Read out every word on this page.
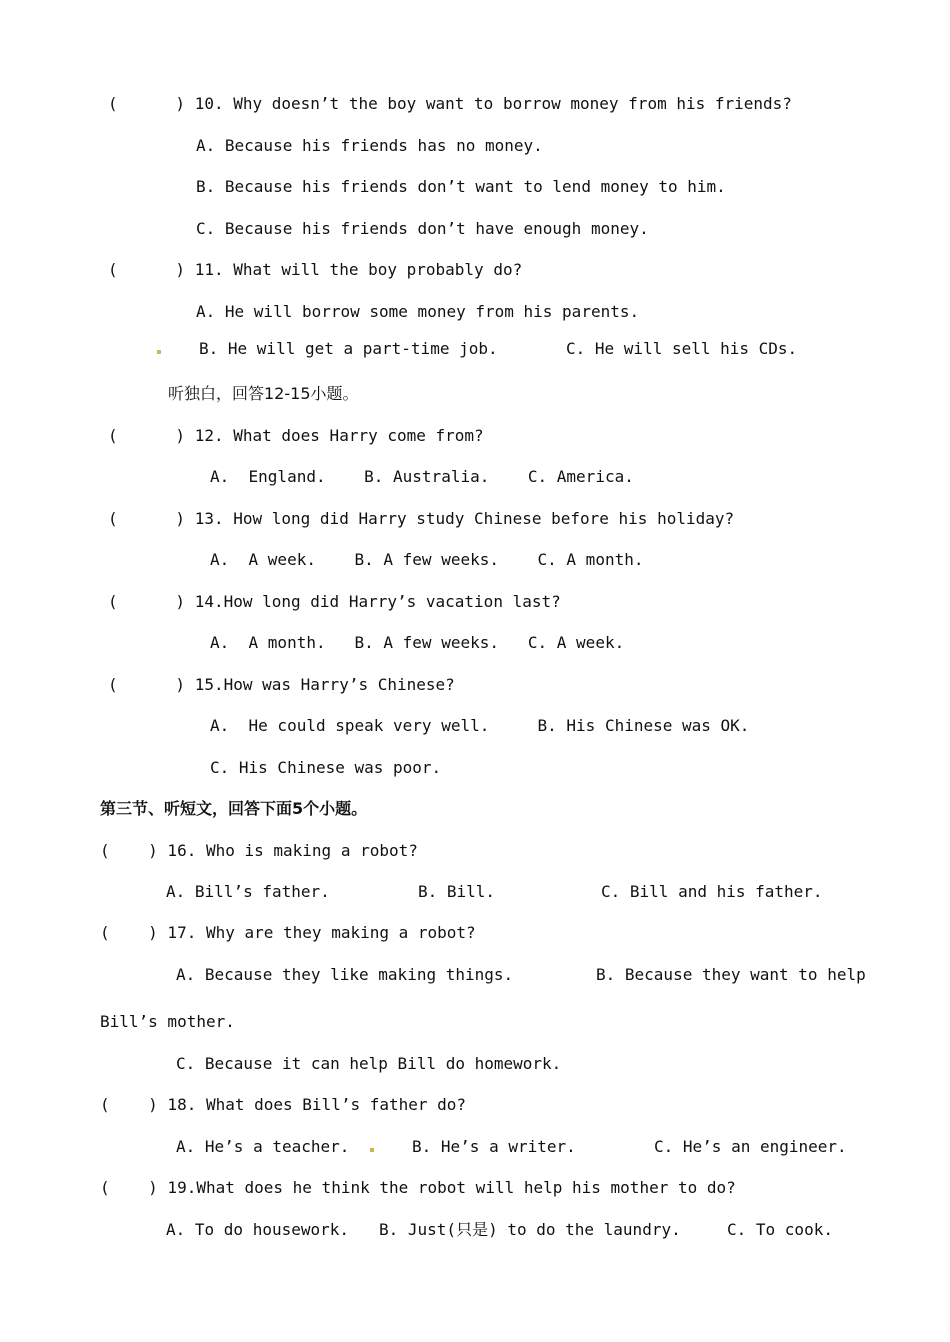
(      ) 10. Why doesn’t the boy want to borrow money from his friends?
A. Because his friends has no money.
B. Because his friends don’t want to lend money to him.
C. Because his friends don’t have enough money.
(      ) 11. What will the boy probably do?
A. He will borrow some money from his parents.
B. He will get a part-time job.	C. He will sell his CDs.
听独白，回答12-15小题。
(      ) 12. What does Harry come from?
A.  England.    B. Australia.    C. America.
(      ) 13. How long did Harry study Chinese before his holiday?
A.  A week.    B. A few weeks.    C. A month.
(      ) 14.How long did Harry’s vacation last?
A.  A month.   B. A few weeks.   C. A week.
(      ) 15.How was Harry’s Chinese?
A.  He could speak very well.     B. His Chinese was OK.
C. His Chinese was poor.
第三节、听短文，回答下面5个小题。
(    ) 16. Who is making a robot?
A. Bill’s father.	B. Bill.	C. Bill and his father.
(    ) 17. Why are they making a robot?
A. Because they like making things.	B. Because they want to help
Bill’s mother.
C. Because it can help Bill do homework.
(    ) 18. What does Bill’s father do?
A. He’s a teacher.	B. He’s a writer.	C. He’s an engineer.
(    ) 19.What does he think the robot will help his mother to do?
A. To do housework. B. Just(只是) to do the laundry.	C. To cook.
